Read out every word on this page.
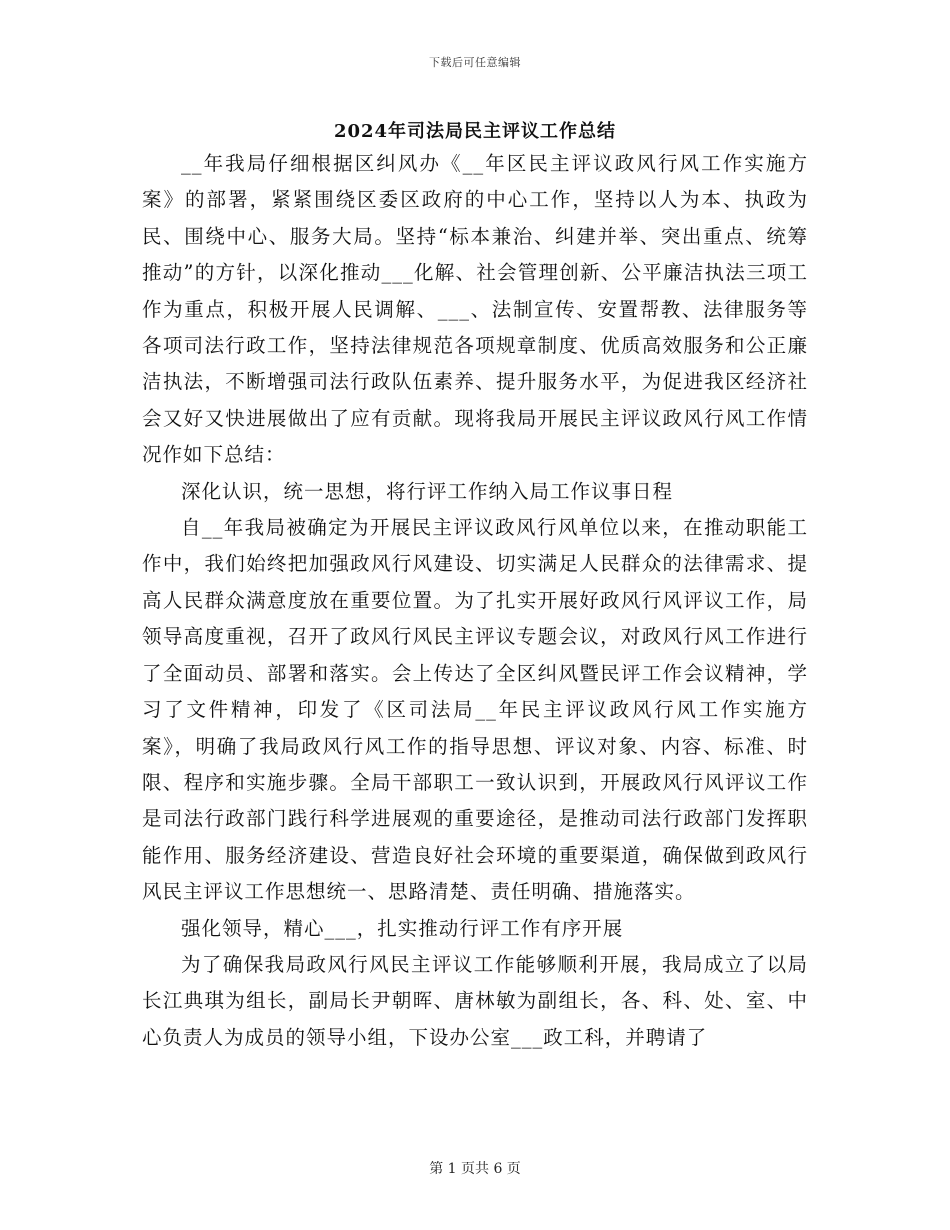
下载后可任意编辑
2024年司法局民主评议工作总结

__年我局仔细根据区纠风办《__年区民主评议政风行风工作实施方案》的部署，紧紧围绕区委区政府的中心工作，坚持以人为本、执政为民、围绕中心、服务大局。坚持“标本兼治、纠建并举、突出重点、统筹推动”的方针，以深化推动___化解、社会管理创新、公平廉洁执法三项工作为重点，积极开展人民调解、___、法制宣传、安置帮教、法律服务等各项司法行政工作，坚持法律规范各项规章制度、优质高效服务和公正廉洁执法，不断增强司法行政队伍素养、提升服务水平，为促进我区经济社会又好又快进展做出了应有贡献。现将我局开展民主评议政风行风工作情况作如下总结：

深化认识，统一思想，将行评工作纳入局工作议事日程

自__年我局被确定为开展民主评议政风行风单位以来，在推动职能工作中，我们始终把加强政风行风建设、切实满足人民群众的法律需求、提高人民群众满意度放在重要位置。为了扎实开展好政风行风评议工作，局领导高度重视，召开了政风行风民主评议专题会议，对政风行风工作进行了全面动员、部署和落实。会上传达了全区纠风暨民评工作会议精神，学习了文件精神，印发了《区司法局__年民主评议政风行风工作实施方案》，明确了我局政风行风工作的指导思想、评议对象、内容、标准、时限、程序和实施步骤。全局干部职工一致认识到，开展政风行风评议工作是司法行政部门践行科学进展观的重要途径，是推动司法行政部门发挥职能作用、服务经济建设、营造良好社会环境的重要渠道，确保做到政风行风民主评议工作思想统一、思路清楚、责任明确、措施落实。

强化领导，精心___，扎实推动行评工作有序开展

为了确保我局政风行风民主评议工作能够顺利开展，我局成立了以局长江典琪为组长，副局长尹朝晖、唐林敏为副组长，各、科、处、室、中心负责人为成员的领导小组，下设办公室___政工科，并聘请了

第 1 页共 6 页
